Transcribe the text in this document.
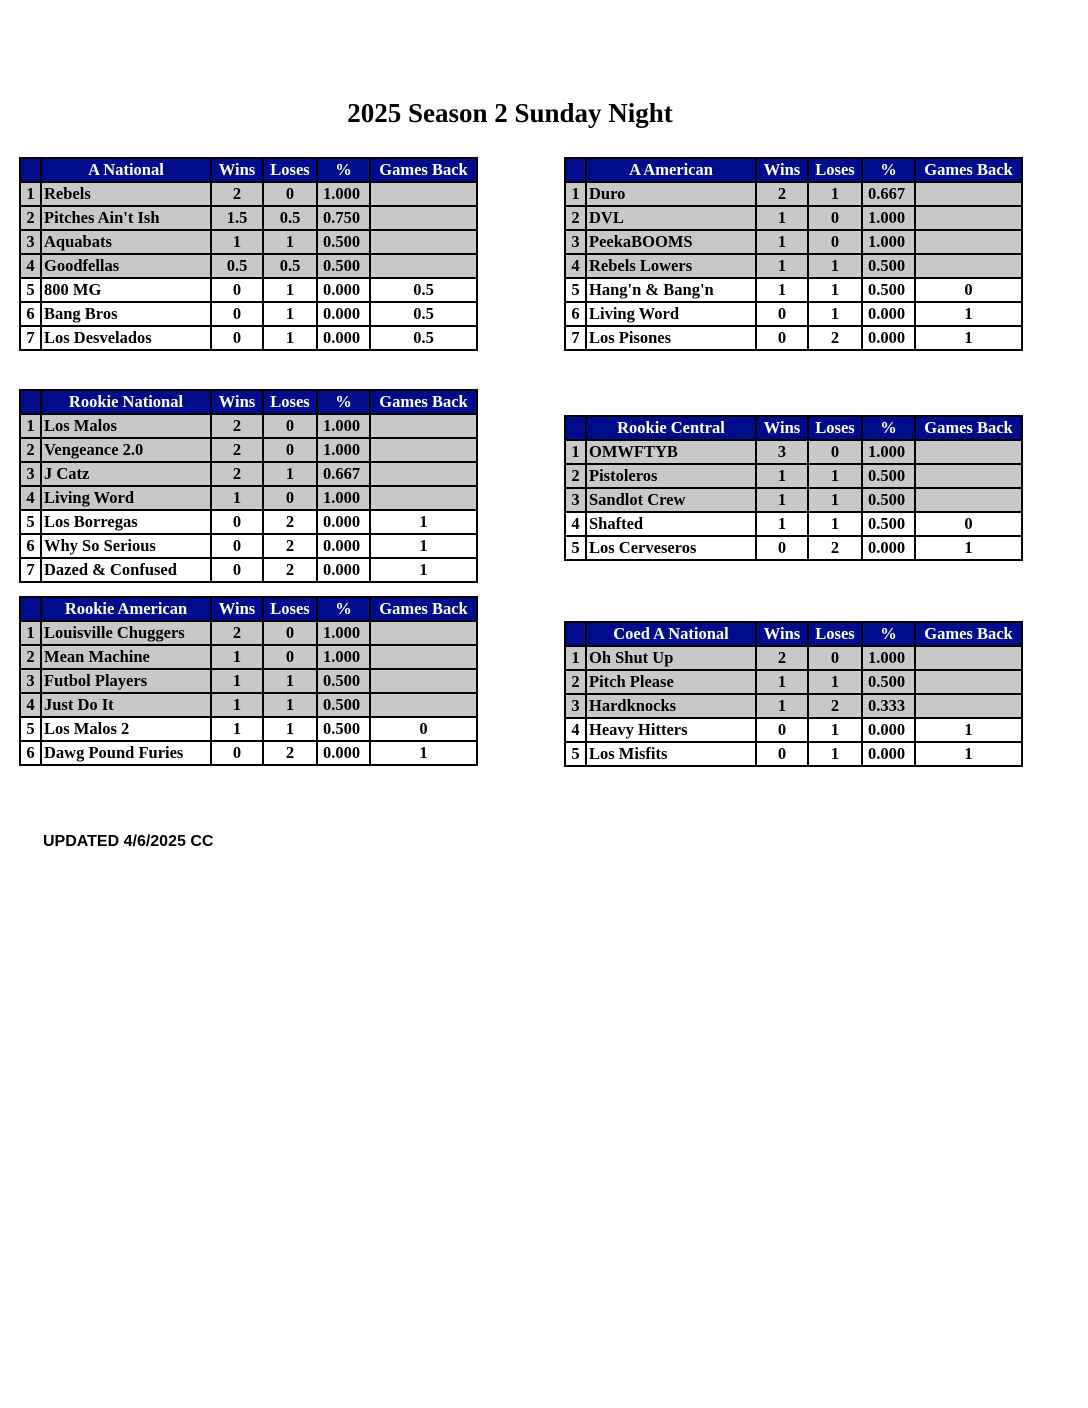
2025 Season 2 Sunday Night
	A National	Wins	Loses	%	Games Back
1	Rebels	2	0	1.000	
2	Pitches Ain't Ish	1.5	0.5	0.750	
3	Aquabats	1	1	0.500	
4	Goodfellas	0.5	0.5	0.500	
5	800 MG	0	1	0.000	0.5
6	Bang Bros	0	1	0.000	0.5
7	Los Desvelados	0	1	0.000	0.5
	A American	Wins	Loses	%	Games Back
1	Duro	2	1	0.667	
2	DVL	1	0	1.000	
3	PeekaBOOMS	1	0	1.000	
4	Rebels Lowers	1	1	0.500	
5	Hang'n & Bang'n	1	1	0.500	0
6	Living Word	0	1	0.000	1
7	Los Pisones	0	2	0.000	1
	Rookie National	Wins	Loses	%	Games Back
1	Los Malos	2	0	1.000	
2	Vengeance 2.0	2	0	1.000	
3	J Catz	2	1	0.667	
4	Living Word	1	0	1.000	
5	Los Borregas	0	2	0.000	1
6	Why So Serious	0	2	0.000	1
7	Dazed & Confused	0	2	0.000	1
	Rookie Central	Wins	Loses	%	Games Back
1	OMWFTYB	3	0	1.000	
2	Pistoleros	1	1	0.500	
3	Sandlot Crew	1	1	0.500	
4	Shafted	1	1	0.500	0
5	Los Cerveseros	0	2	0.000	1
	Rookie American	Wins	Loses	%	Games Back
1	Louisville Chuggers	2	0	1.000	
2	Mean Machine	1	0	1.000	
3	Futbol Players	1	1	0.500	
4	Just Do It	1	1	0.500	
5	Los Malos 2	1	1	0.500	0
6	Dawg Pound Furies	0	2	0.000	1
	Coed A National	Wins	Loses	%	Games Back
1	Oh Shut Up	2	0	1.000	
2	Pitch Please	1	1	0.500	
3	Hardknocks	1	2	0.333	
4	Heavy Hitters	0	1	0.000	1
5	Los Misfits	0	1	0.000	1
UPDATED 4/6/2025 CC
